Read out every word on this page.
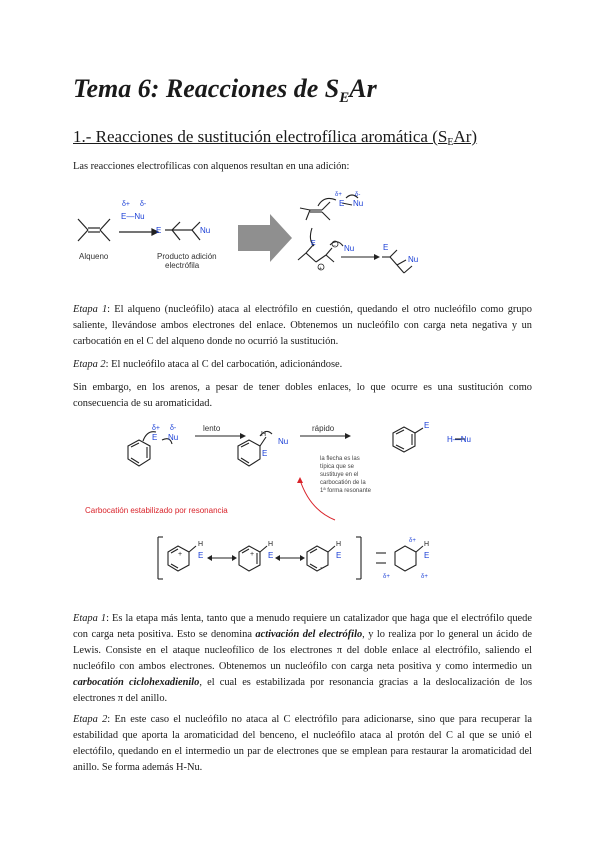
Tema 6: Reacciones de $S_EAr$
1.- Reacciones de sustitución electrofílica aromática $(S_EAr)$
Las reacciones electrofílicas con alquenos resultan en una adición:
δ+ δ-
E—Nu
E	Nu
Alqueno	Producto adición
electrófila	+
−
δ+ δ-
E Nu
E
Nu	E
Nu
Etapa 1: El alqueno (nucleófilo) ataca al electrófilo en cuestión, quedando el otro nucleófilo como grupo saliente, llevándose ambos electrones del enlace. Obtenemos un nucleófilo con carga neta negativa y un carbocatión en el C del alqueno donde no ocurrió la sustitución.
Etapa 2: El nucleófilo ataca al C del carbocatión, adicionándose.
Sin embargo, en los arenos, a pesar de tener dobles enlaces, lo que ocurre es una sustitución como consecuencia de su aromaticidad.
δ+ δ-
E Nu
lento
H
Nu
E
rápido	E
H—Nu
la flecha es las
típica que se
sustituye en el
carbocatión de la
1ª forma resonante
Carbocatión estabilizado por resonancia
H
E
H
E
H
E
+	+
−
H
E
δ+
δ+	δ+
Etapa 1: Es la etapa más lenta, tanto que a menudo requiere un catalizador que haga que el electrófilo quede con carga neta positiva. Esto se denomina activación del electrófilo, y lo realiza por lo general un ácido de Lewis. Consiste en el ataque nucleofílico de los electrones π del doble enlace al electrófilo, saliendo el nucleófilo con ambos electrones. Obtenemos un nucleófilo con carga neta positiva y como intermedio un carbocatión ciclohexadienilo, el cual es estabilizada por resonancia gracias a la deslocalización de los electrones π del anillo.
Etapa 2: En este caso el nucleófilo no ataca al C electrófilo para adicionarse, sino que para recuperar la estabilidad que aporta la aromaticidad del benceno, el nucleófilo ataca al protón del C al que se unió el electófilo, quedando en el intermedio un par de electrones que se emplean para restaurar la aromaticidad del anillo. Se forma además H-Nu.
